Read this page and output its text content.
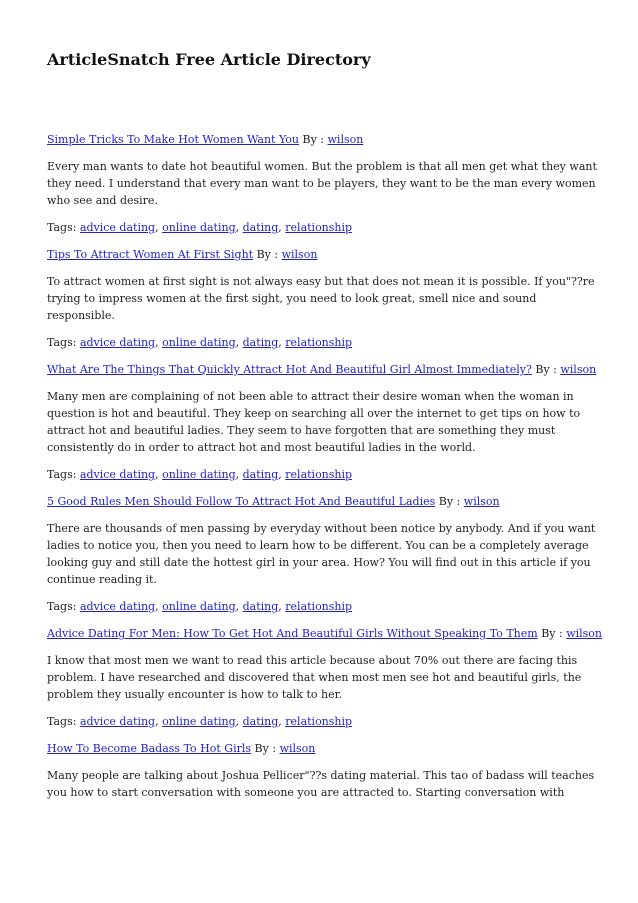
ArticleSnatch Free Article Directory

Simple Tricks To Make Hot Women Want You By : wilson

Every man wants to date hot beautiful women. But the problem is that all men get what they want they need. I understand that every man want to be players, they want to be the man every women who see and desire.

Tags: advice dating, online dating, dating, relationship

Tips To Attract Women At First Sight By : wilson

To attract women at first sight is not always easy but that does not mean it is possible. If you"??re trying to impress women at the first sight, you need to look great, smell nice and sound responsible.

Tags: advice dating, online dating, dating, relationship

What Are The Things That Quickly Attract Hot And Beautiful Girl Almost Immediately? By : wilson

Many men are complaining of not been able to attract their desire woman when the woman in question is hot and beautiful. They keep on searching all over the internet to get tips on how to attract hot and beautiful ladies. They seem to have forgotten that are something they must consistently do in order to attract hot and most beautiful ladies in the world.

Tags: advice dating, online dating, dating, relationship

5 Good Rules Men Should Follow To Attract Hot And Beautiful Ladies By : wilson

There are thousands of men passing by everyday without been notice by anybody. And if you want ladies to notice you, then you need to learn how to be different. You can be a completely average looking guy and still date the hottest girl in your area. How? You will find out in this article if you continue reading it.

Tags: advice dating, online dating, dating, relationship

Advice Dating For Men: How To Get Hot And Beautiful Girls Without Speaking To Them By : wilson

I know that most men we want to read this article because about 70% out there are facing this problem. I have researched and discovered that when most men see hot and beautiful girls, the problem they usually encounter is how to talk to her.

Tags: advice dating, online dating, dating, relationship

How To Become Badass To Hot Girls By : wilson

Many people are talking about Joshua Pellicer"??s dating material. This tao of badass will teaches you how to start conversation with someone you are attracted to. Starting conversation with
